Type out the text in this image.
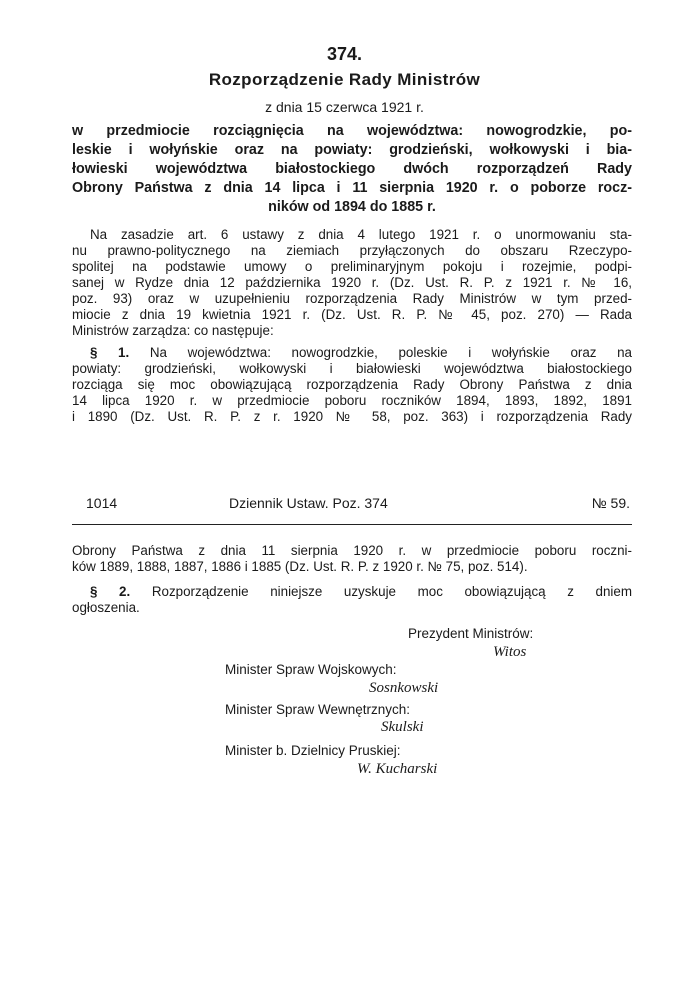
374.
Rozporządzenie Rady Ministrów
z dnia 15 czerwca 1921 r.
w przedmiocie rozciągnięcia na województwa: nowogrodzkie, po-
leskie i wołyńskie oraz na powiaty: grodzieński, wołkowyski i bia-
łowieski województwa białostockiego dwóch rozporządzeń Rady
Obrony Państwa z dnia 14 lipca i 11 sierpnia 1920 r. o poborze rocz-
ników od 1894 do 1885 r.
Na zasadzie art. 6 ustawy z dnia 4 lutego 1921 r. o unormowaniu sta-
nu prawno-politycznego na ziemiach przyłączonych do obszaru Rzeczypo-
spolitej na podstawie umowy o preliminaryjnym pokoju i rozejmie, podpi-
sanej w Rydze dnia 12 października 1920 r. (Dz. Ust. R. P. z 1921 r. № 16,
poz. 93) oraz w uzupełnieniu rozporządzenia Rady Ministrów w tym przed-
miocie z dnia 19 kwietnia 1921 r. (Dz. Ust. R. P. № 45, poz. 270) — Rada
Ministrów zarządza: co następuje:
§ 1. Na województwa: nowogrodzkie, poleskie i wołyńskie oraz na
powiaty: grodzieński, wołkowyski i białowieski województwa białostockiego
rozciąga się moc obowiązującą rozporządzenia Rady Obrony Państwa z dnia
14 lipca 1920 r. w przedmiocie poboru roczników 1894, 1893, 1892, 1891
i 1890 (Dz. Ust. R. P. z r. 1920 № 58, poz. 363) i rozporządzenia Rady
1014	Dziennik Ustaw. Poz. 374	№ 59.
Obrony Państwa z dnia 11 sierpnia 1920 r. w przedmiocie poboru roczni-
ków 1889, 1888, 1887, 1886 i 1885 (Dz. Ust. R. P. z 1920 r. № 75, poz. 514).
§ 2. Rozporządzenie niniejsze uzyskuje moc obowiązującą z dniem
ogłoszenia.
Prezydent Ministrów:
Witos
Minister Spraw Wojskowych:
Sosnkowski
Minister Spraw Wewnętrznych:
Skulski
Minister b. Dzielnicy Pruskiej:
W. Kucharski
